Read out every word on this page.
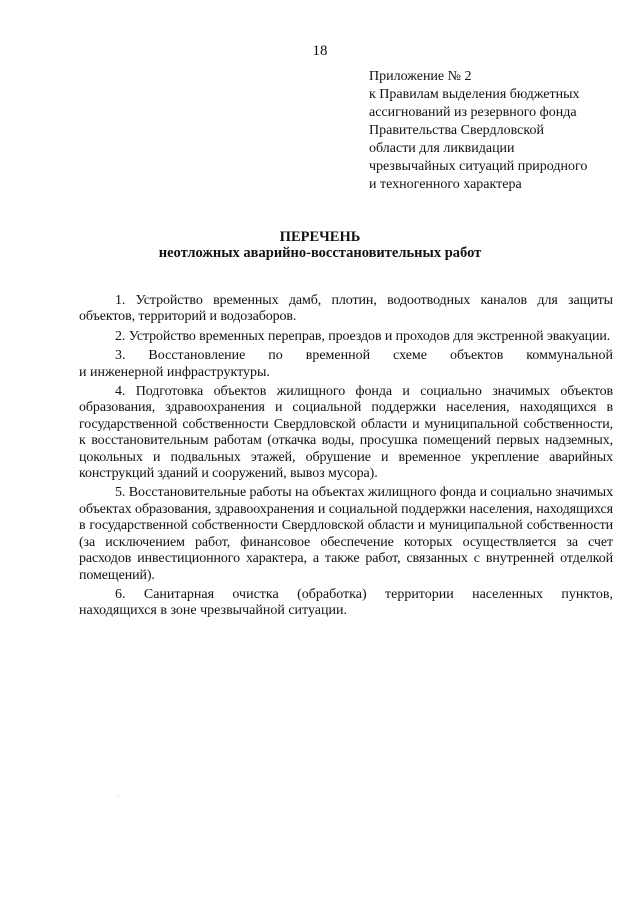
18
Приложение № 2
к Правилам выделения бюджетных
ассигнований из резервного фонда
Правительства Свердловской
области для ликвидации
чрезвычайных ситуаций природного
и техногенного характера
ПЕРЕЧЕНЬ
неотложных аварийно-восстановительных работ

1. Устройство временных дамб, плотин, водоотводных каналов для защиты объектов, территорий и водозаборов.

2. Устройство временных переправ, проездов и проходов для экстренной эвакуации.

3. Восстановление по временной схеме объектов коммунальной
и инженерной инфраструктуры.

4. Подготовка объектов жилищного фонда и социально значимых объектов образования, здравоохранения и социальной поддержки населения, находящихся в государственной собственности Свердловской области и муниципальной собственности, к восстановительным работам (откачка воды, просушка помещений первых надземных, цокольных и подвальных этажей, обрушение и временное укрепление аварийных конструкций зданий и сооружений, вывоз мусора).

5. Восстановительные работы на объектах жилищного фонда и социально значимых объектах образования, здравоохранения и социальной поддержки населения, находящихся в государственной собственности Свердловской области и муниципальной собственности (за исключением работ, финансовое обеспечение которых осуществляется за счет расходов инвестиционного характера, а также работ, связанных с внутренней отделкой помещений).

6. Санитарная очистка (обработка) территории населенных пунктов,
находящихся в зоне чрезвычайной ситуации.
